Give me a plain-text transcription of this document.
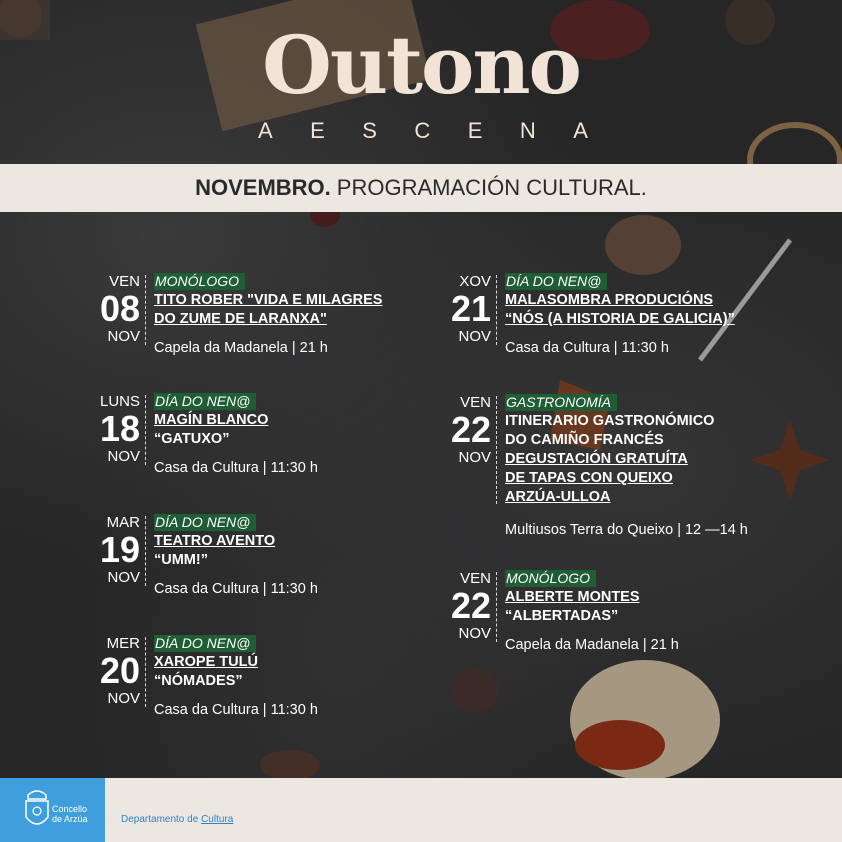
Outono
A E S C E N A
NOVEMBRO. PROGRAMACIÓN CULTURAL.
VEN
08
NOV
MONÓLOGO
TITO ROBER "VIDA E MILAGRES
DO ZUME DE LARANXA"
Capela da Madanela | 21 h
LUNS
18
NOV
DÍA DO NEN@
MAGÍN BLANCO
“GATUXO”
Casa da Cultura | 11:30 h
MAR
19
NOV
DÍA DO NEN@
TEATRO AVENTO
“UMM!”
Casa da Cultura | 11:30 h
MER
20
NOV
DÍA DO NEN@
XAROPE TULÚ
“NÓMADES”
Casa da Cultura | 11:30 h
XOV
21
NOV
DÍA DO NEN@
MALASOMBRA PRODUCIÓNS
“NÓS (A HISTORIA DE GALICIA)”
Casa da Cultura | 11:30 h
VEN
22
NOV
GASTRONOMÍA
ITINERARIO GASTRONÓMICO
DO CAMIÑO FRANCÉS
DEGUSTACIÓN GRATUÍTA
DE TAPAS CON QUEIXO
ARZÚA-ULLOA
Multiusos Terra do Queixo | 12 —14 h
VEN
22
NOV
MONÓLOGO
ALBERTE MONTES
“ALBERTADAS”
Capela da Madanela | 21 h
Concello
de Arzúa	Departamento de Cultura
